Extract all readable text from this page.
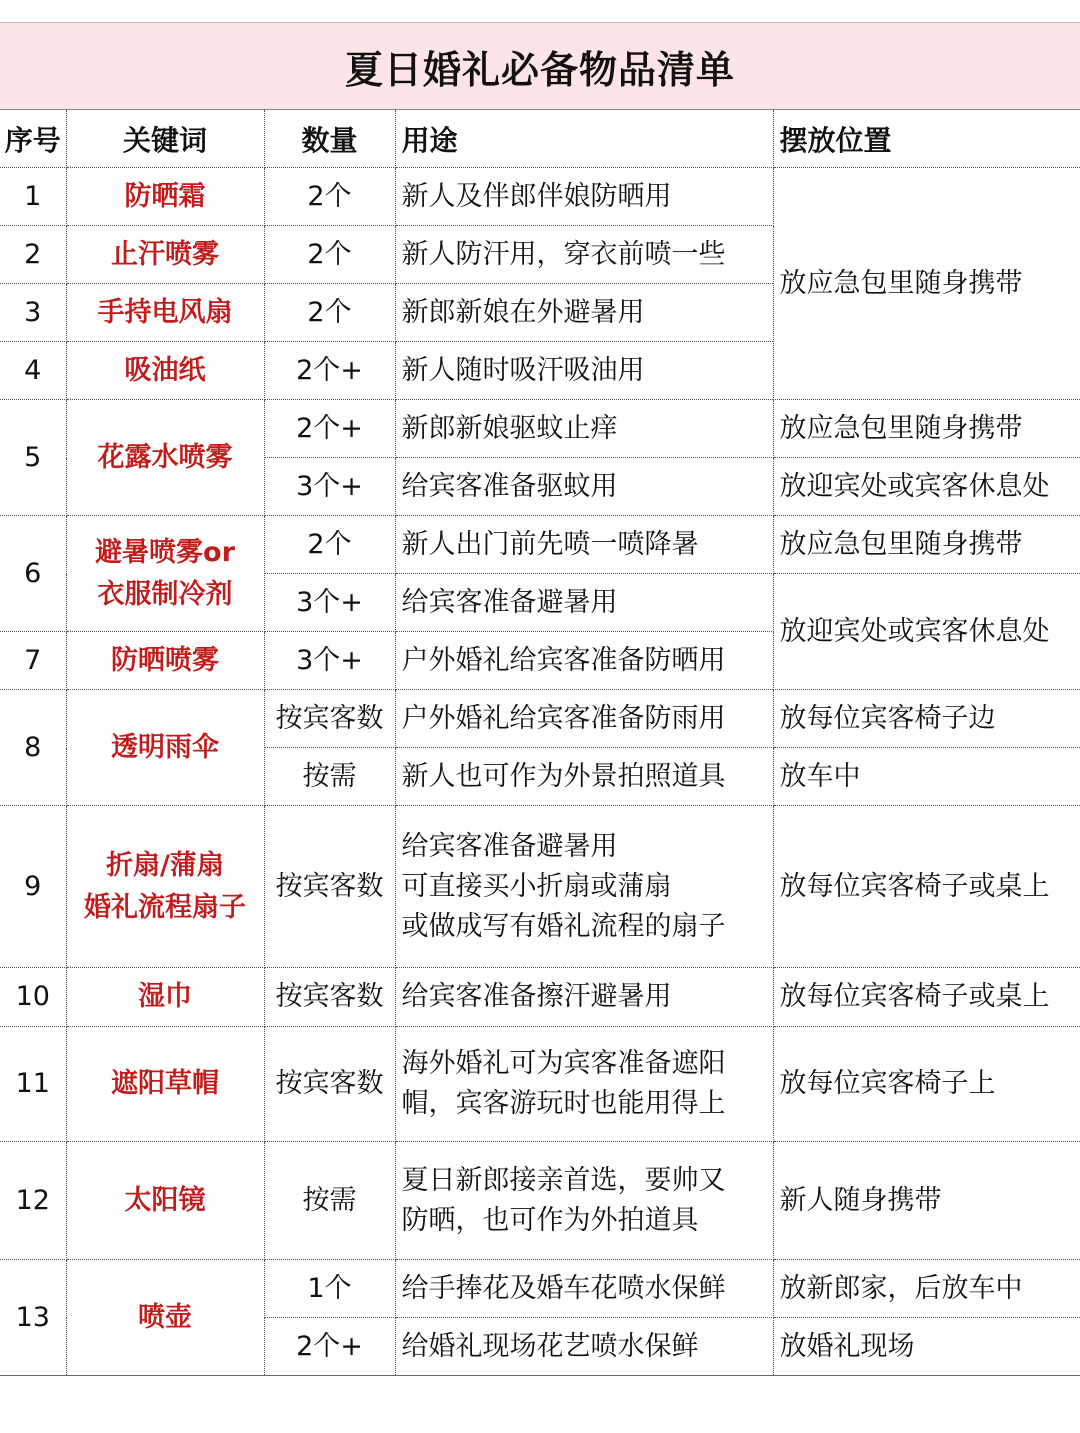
夏日婚礼必备物品清单
序号	关键词	数量	用途	摆放位置
1	防晒霜	2个	新人及伴郎伴娘防晒用	放应急包里随身携带
2	止汗喷雾	2个	新人防汗用，穿衣前喷一些	
3	手持电风扇	2个	新郎新娘在外避暑用	
4	吸油纸	2个+	新人随时吸汗吸油用	
5	花露水喷雾	2个+	新郎新娘驱蚊止痒	放应急包里随身携带
		3个+	给宾客准备驱蚊用	放迎宾处或宾客休息处
6	避暑喷雾or
衣服制冷剂	2个	新人出门前先喷一喷降暑	放应急包里随身携带
		3个+	给宾客准备避暑用	放迎宾处或宾客休息处
7	防晒喷雾	3个+	户外婚礼给宾客准备防晒用	
8	透明雨伞	按宾客数	户外婚礼给宾客准备防雨用	放每位宾客椅子边
		按需	新人也可作为外景拍照道具	放车中
9	折扇/蒲扇
婚礼流程扇子	按宾客数	给宾客准备避暑用
可直接买小折扇或蒲扇
或做成写有婚礼流程的扇子	放每位宾客椅子或桌上
10	湿巾	按宾客数	给宾客准备擦汗避暑用	放每位宾客椅子或桌上
11	遮阳草帽	按宾客数	海外婚礼可为宾客准备遮阳
帽，宾客游玩时也能用得上	放每位宾客椅子上
12	太阳镜	按需	夏日新郎接亲首选，要帅又
防晒，也可作为外拍道具	新人随身携带
13	喷壶	1个	给手捧花及婚车花喷水保鲜	放新郎家，后放车中
		2个+	给婚礼现场花艺喷水保鲜	放婚礼现场
